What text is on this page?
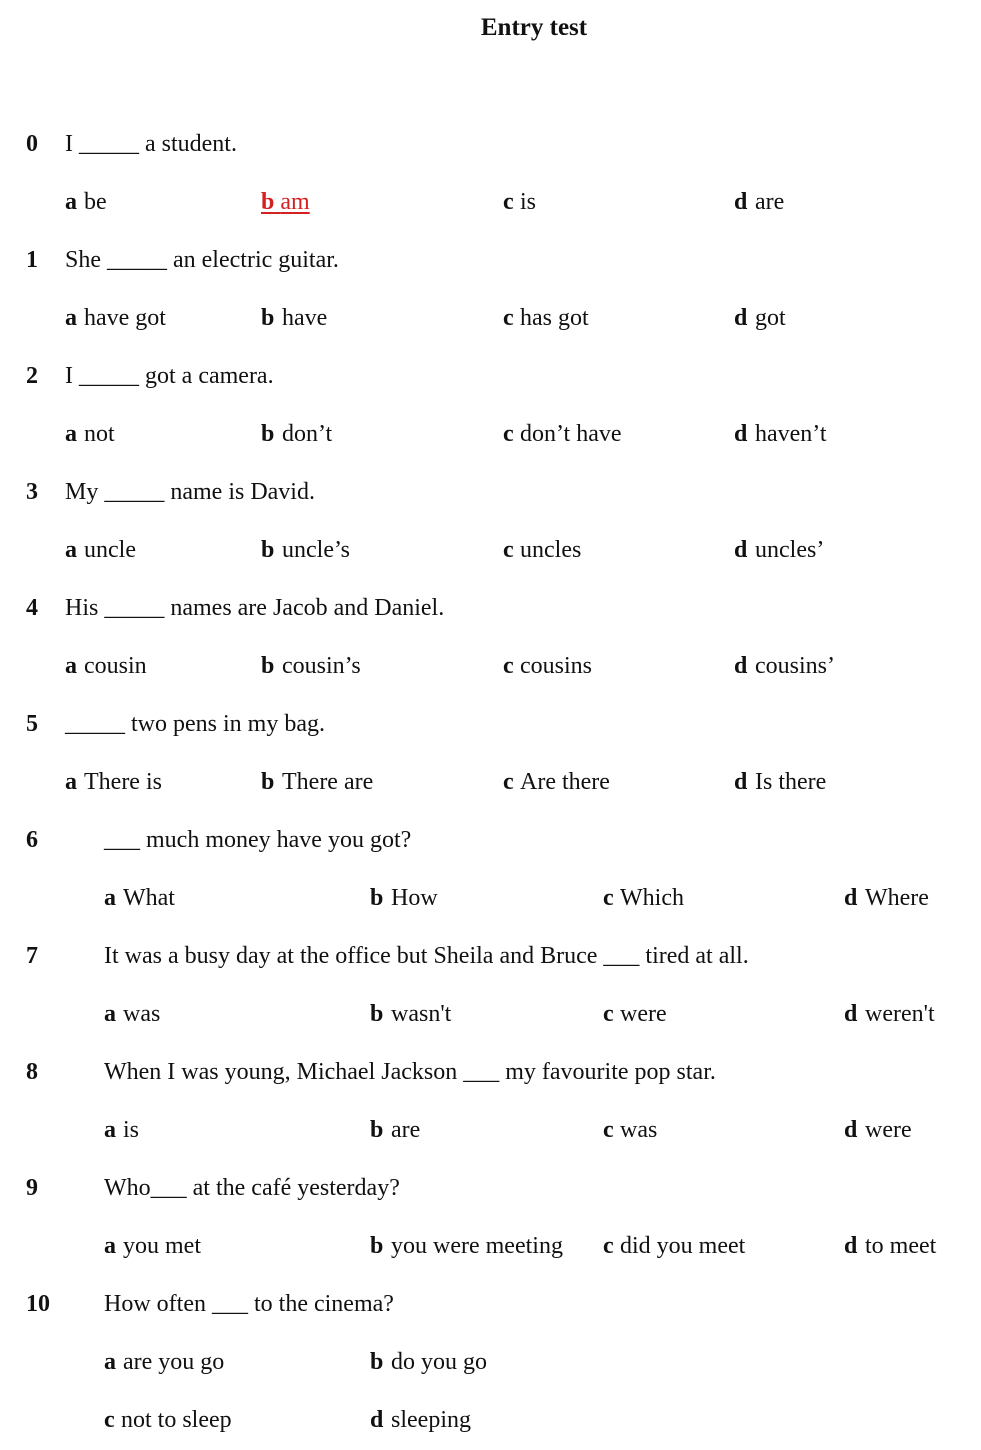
Entry test
0 I _____ a student.
a be	b am	c is	d are
1 She _____ an electric guitar.
a have got	b have	c has got	d got
2 I _____ got a camera.
a not	b don’t	c don’t have	d haven’t
3 My _____ name is David.
a uncle	b uncle’s	c uncles	d uncles’
4 His _____ names are Jacob and Daniel.
a cousin	b cousin’s	c cousins	d cousins’
5 _____ two pens in my bag.
a There is	b There are	c Are there	d Is there
6	___ much money have you got?
a What	b How	c Which	d Where
7	It was a busy day at the office but Sheila and Bruce ___ tired at all.
a was	b wasn't	c were	d weren't
8	When I was young, Michael Jackson ___ my favourite pop star.
a is	b are	c was	d were
9	Who___ at the café yesterday?
a you met	b you were meeting c did you meet	d to meet
10 How often ___ to the cinema?
a are you go	b do you go
c not to sleep	d sleeping
